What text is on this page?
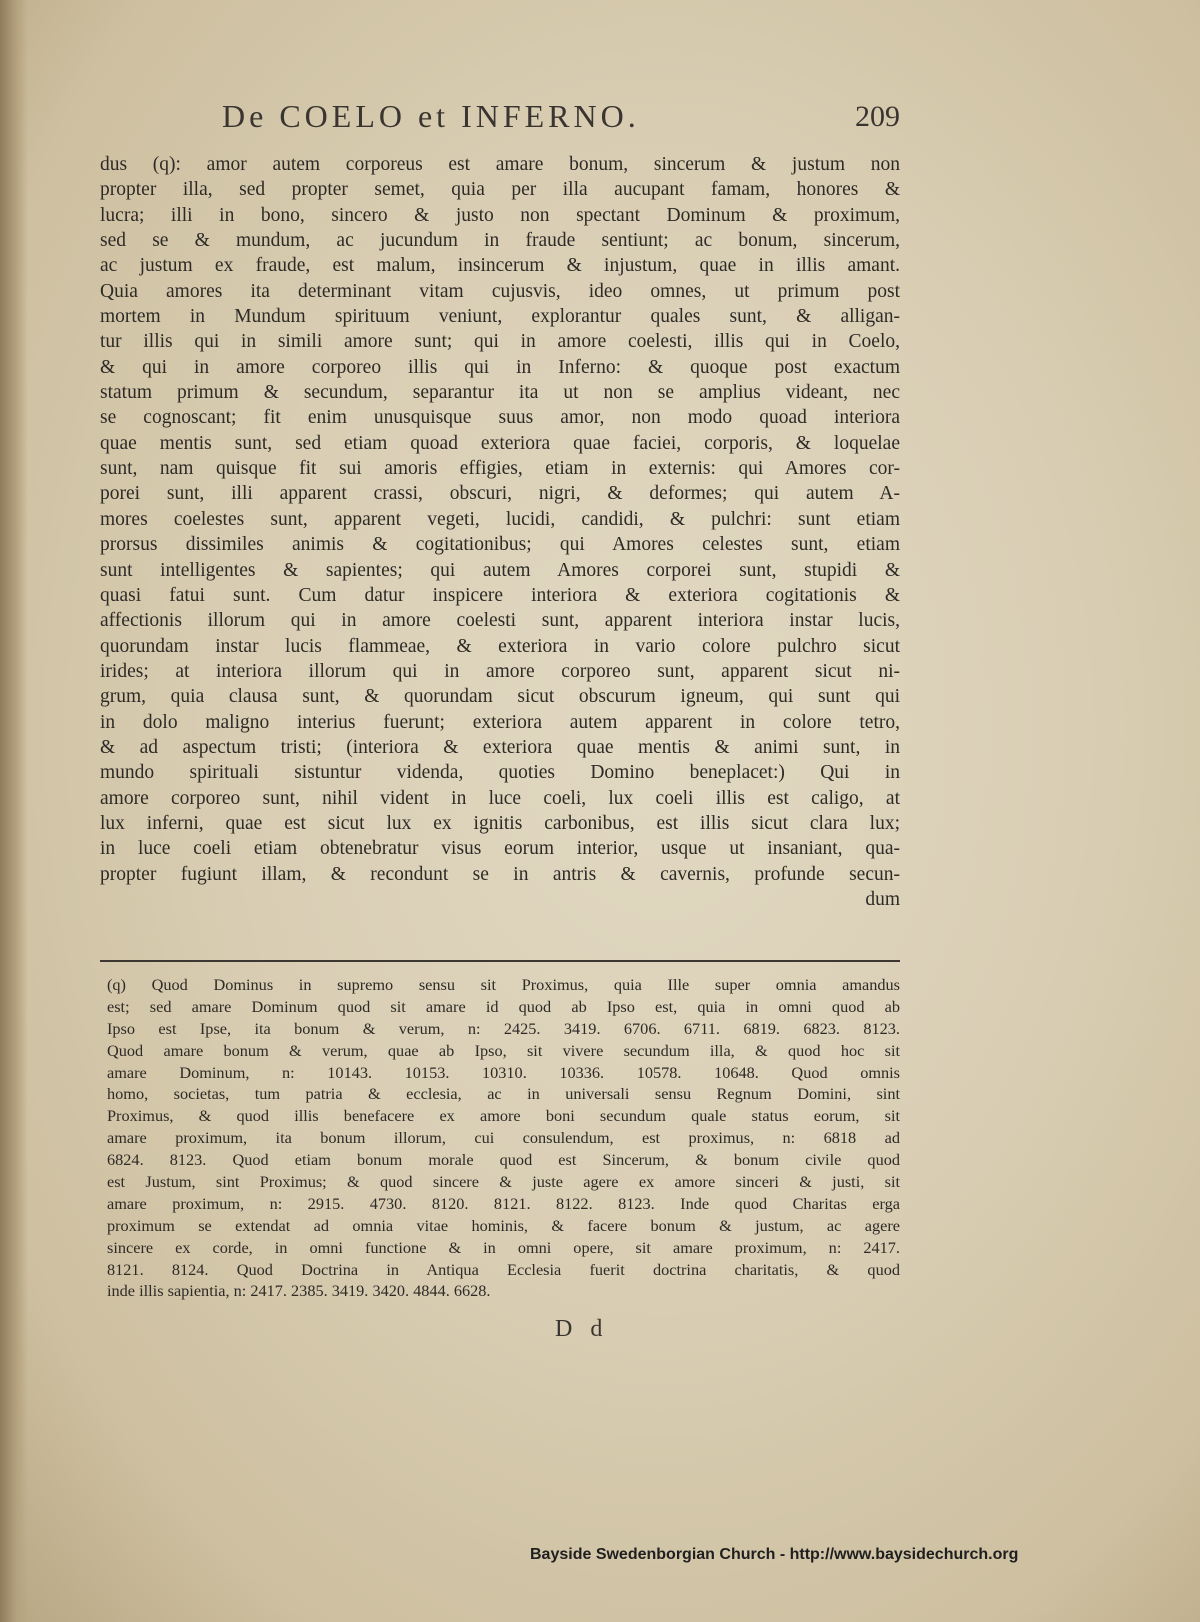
De COELO et INFERNO.	209
dus (q): amor autem corporeus est amare bonum, sincerum & justum non
propter illa, sed propter semet, quia per illa aucupant famam, honores &
lucra; illi in bono, sincero & justo non spectant Dominum & proximum,
sed se & mundum, ac jucundum in fraude sentiunt; ac bonum, sincerum,
ac justum ex fraude, est malum, insincerum & injustum, quae in illis amant.
Quia amores ita determinant vitam cujusvis, ideo omnes, ut primum post
mortem in Mundum spirituum veniunt, explorantur quales sunt, & alligan-
tur illis qui in simili amore sunt; qui in amore coelesti, illis qui in Coelo,
& qui in amore corporeo illis qui in Inferno: & quoque post exactum
statum primum & secundum, separantur ita ut non se amplius videant, nec
se cognoscant; fit enim unusquisque suus amor, non modo quoad interiora
quae mentis sunt, sed etiam quoad exteriora quae faciei, corporis, & loquelae
sunt, nam quisque fit sui amoris effigies, etiam in externis: qui Amores cor-
porei sunt, illi apparent crassi, obscuri, nigri, & deformes; qui autem A-
mores coelestes sunt, apparent vegeti, lucidi, candidi, & pulchri: sunt etiam
prorsus dissimiles animis & cogitationibus; qui Amores celestes sunt, etiam
sunt intelligentes & sapientes; qui autem Amores corporei sunt, stupidi &
quasi fatui sunt. Cum datur inspicere interiora & exteriora cogitationis &
affectionis illorum qui in amore coelesti sunt, apparent interiora instar lucis,
quorundam instar lucis flammeae, & exteriora in vario colore pulchro sicut
irides; at interiora illorum qui in amore corporeo sunt, apparent sicut ni-
grum, quia clausa sunt, & quorundam sicut obscurum igneum, qui sunt qui
in dolo maligno interius fuerunt; exteriora autem apparent in colore tetro,
& ad aspectum tristi; (interiora & exteriora quae mentis & animi sunt, in
mundo spirituali sistuntur videnda, quoties Domino beneplacet:) Qui in
amore corporeo sunt, nihil vident in luce coeli, lux coeli illis est caligo, at
lux inferni, quae est sicut lux ex ignitis carbonibus, est illis sicut clara lux;
in luce coeli etiam obtenebratur visus eorum interior, usque ut insaniant, qua-
propter fugiunt illam, & recondunt se in antris & cavernis, profunde secun-
dum
(q) Quod Dominus in supremo sensu sit Proximus, quia Ille super omnia amandus
est; sed amare Dominum quod sit amare id quod ab Ipso est, quia in omni quod ab
Ipso est Ipse, ita bonum & verum, n: 2425. 3419. 6706. 6711. 6819. 6823. 8123.
Quod amare bonum & verum, quae ab Ipso, sit vivere secundum illa, & quod hoc sit
amare Dominum, n: 10143. 10153. 10310. 10336. 10578. 10648. Quod omnis
homo, societas, tum patria & ecclesia, ac in universali sensu Regnum Domini, sint
Proximus, & quod illis benefacere ex amore boni secundum quale status eorum, sit
amare proximum, ita bonum illorum, cui consulendum, est proximus, n: 6818 ad
6824. 8123. Quod etiam bonum morale quod est Sincerum, & bonum civile quod
est Justum, sint Proximus; & quod sincere & juste agere ex amore sinceri & justi, sit
amare proximum, n: 2915. 4730. 8120. 8121. 8122. 8123. Inde quod Charitas erga
proximum se extendat ad omnia vitae hominis, & facere bonum & justum, ac agere
sincere ex corde, in omni functione & in omni opere, sit amare proximum, n: 2417.
8121. 8124. Quod Doctrina in Antiqua Ecclesia fuerit doctrina charitatis, & quod
inde illis sapientia, n: 2417. 2385. 3419. 3420. 4844. 6628.
D d
Bayside Swedenborgian Church - http://www.baysidechurch.org
